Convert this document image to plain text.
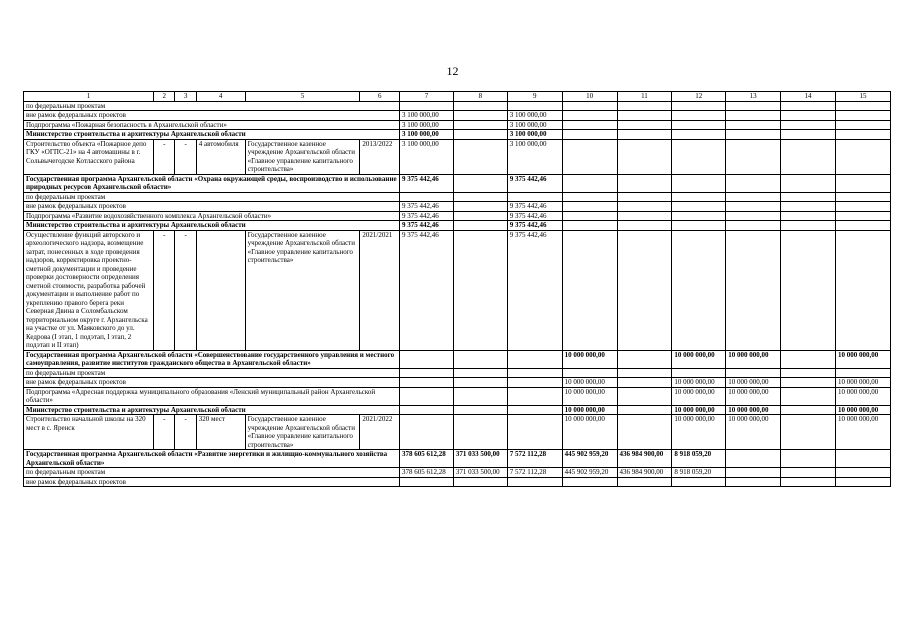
12
1	2	3	4	5	6	7	8	9	10	11	12	13	14	15
по федеральным проектам														
вне рамок федеральных проектов						3 100 000,00		3 100 000,00						
Подпрограмма «Пожарная безопасность в Архангельской области»						3 100 000,00		3 100 000,00						
Министерство строительства и архитектуры Архангельской области						3 100 000,00		3 100 000,00						
Строительство объекта «Пожарное депо ГКУ «ОГПС-21» на 4 автомашины в г. Сольвычегодске Котласского района	-	-	4 автомобиля	Государственное казенное учреждение Архангельской области «Главное управление капитального строительства»	2013/2022	3 100 000,00		3 100 000,00						
Государственная программа Архангельской области «Охрана окружающей среды, воспроизводство и использование природных ресурсов Архангельской области»						9 375 442,46		9 375 442,46						
по федеральным проектам														
вне рамок федеральных проектов						9 375 442,46		9 375 442,46						
Подпрограмма «Развитие водохозяйственного комплекса Архангельской области»						9 375 442,46		9 375 442,46						
Министерство строительства и архитектуры Архангельской области						9 375 442,46		9 375 442,46						
Осуществление функций авторского и археологического надзора, возмещение затрат, понесенных в ходе проведения надзоров, корректировка проектно-сметной документации и проведение проверки достоверности определения сметной стоимости, разработка рабочей документации и выполнение работ по укреплению правого берега реки Северная Двина в Соломбальском территориальном округе г. Архангельска на участке от ул. Маяковского до ул. Кедрова (I этап, 1 подэтап, I этап, 2 подэтап и II этап)	-	-		Государственное казенное учреждение Архангельской области «Главное управление капитального строительства»	2021/2021	9 375 442,46		9 375 442,46						
Государственная программа Архангельской области «Совершенствование государственного управления и местного самоуправления, развитие институтов гражданского общества в Архангельской области»									10 000 000,00		10 000 000,00	10 000 000,00		10 000 000,00
по федеральным проектам														
вне рамок федеральных проектов									10 000 000,00		10 000 000,00	10 000 000,00		10 000 000,00
Подпрограмма «Адресная поддержка муниципального образования «Ленский муниципальный район Архангельской области»									10 000 000,00		10 000 000,00	10 000 000,00		10 000 000,00
Министерство строительства и архитектуры Архангельской области									10 000 000,00		10 000 000,00	10 000 000,00		10 000 000,00
Строительство начальной школы на 320 мест в с. Яренск	-	-	320 мест	Государственное казенное учреждение Архангельской области «Главное управление капитального строительства»	2021/2022				10 000 000,00		10 000 000,00	10 000 000,00		10 000 000,00
Государственная программа Архангельской области «Развитие энергетики и жилищно-коммунального хозяйства Архангельской области»						378 605 612,28	371 033 500,00	7 572 112,28	445 902 959,20	436 984 900,00	8 918 059,20			
по федеральным проектам						378 605 612,28	371 033 500,00	7 572 112,28	445 902 959,20	436 984 900,00	8 918 059,20			
вне рамок федеральных проектов														
